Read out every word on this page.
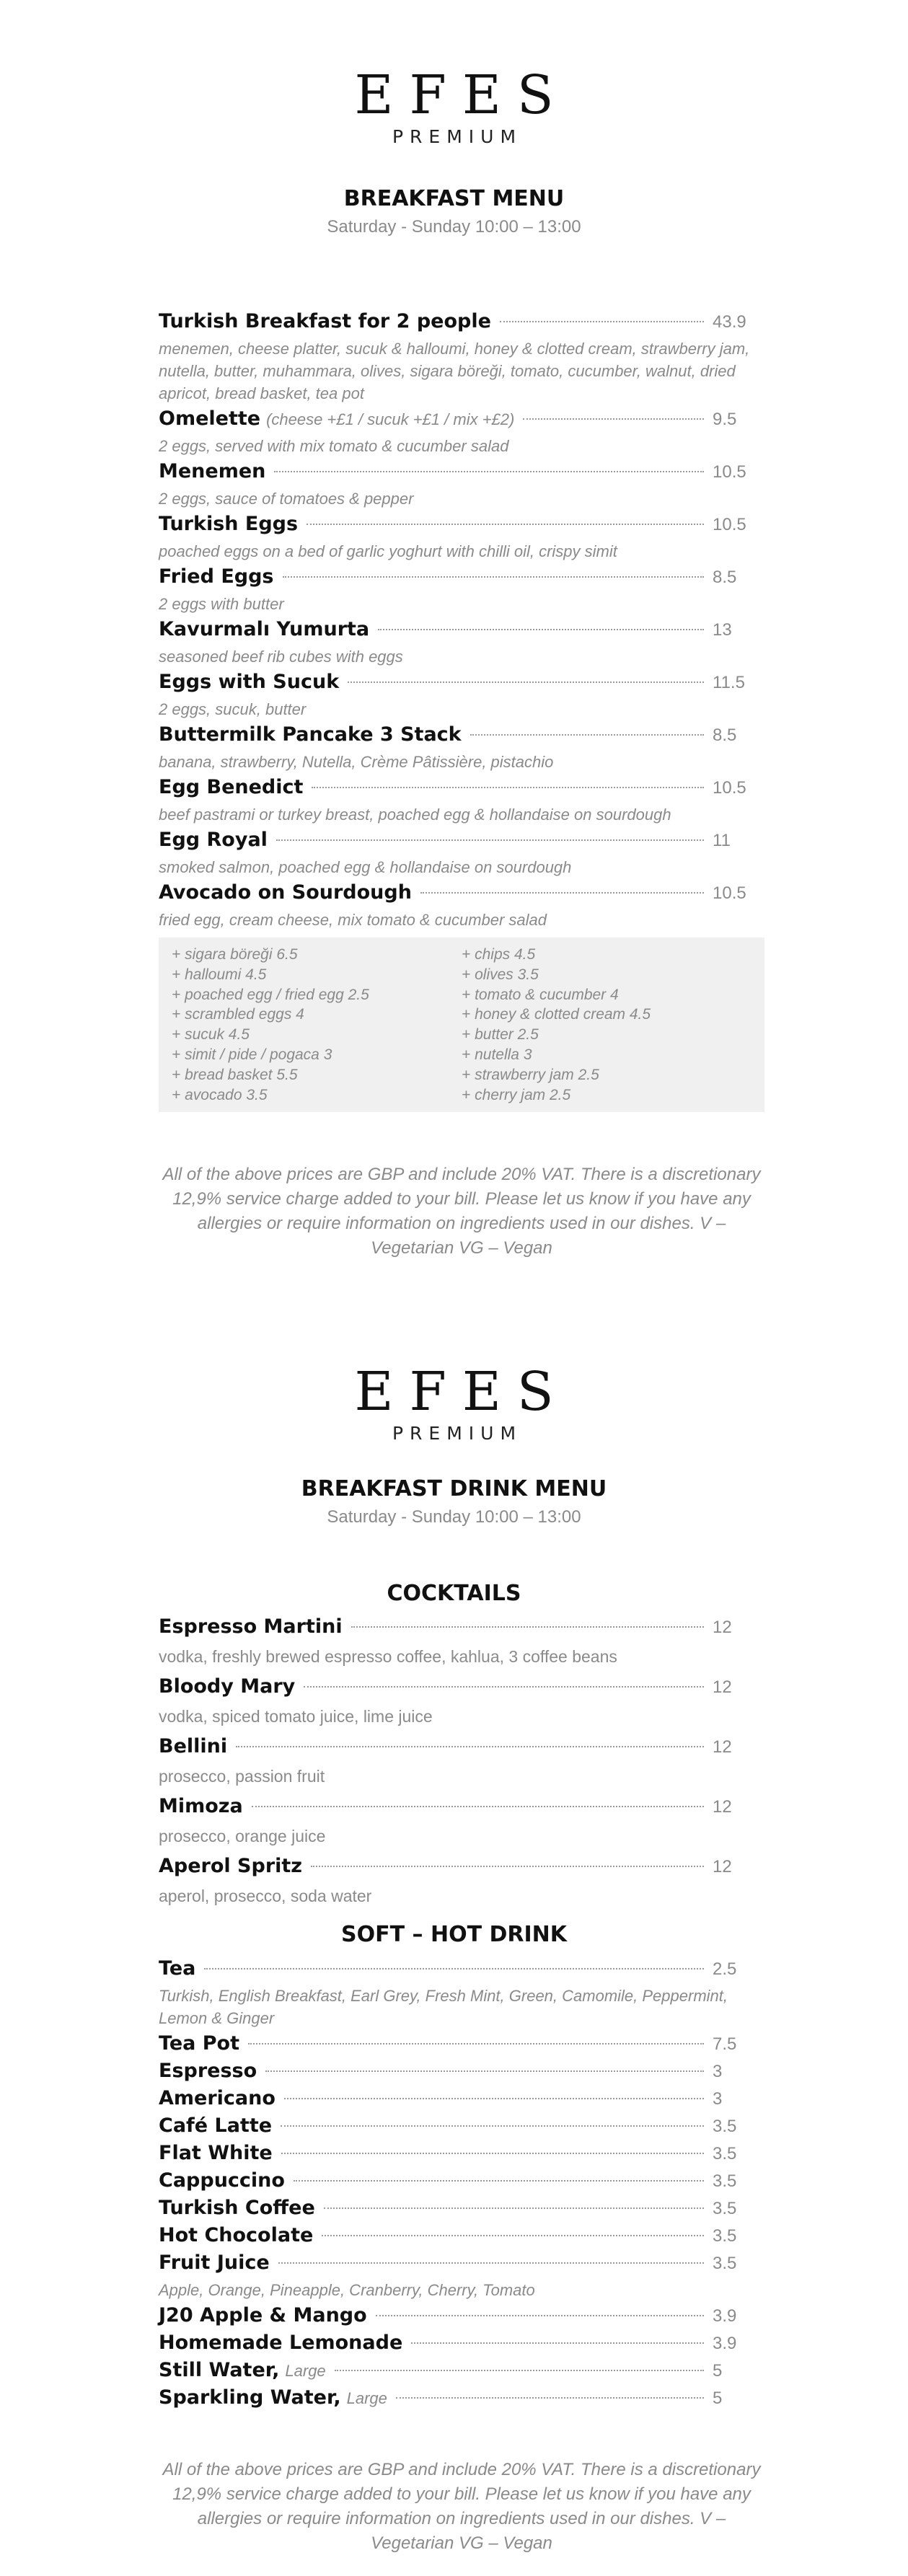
EFES
PREMIUM
BREAKFAST MENU
Saturday - Sunday 10:00 – 13:00
Turkish Breakfast for 2 people	43.9
menemen, cheese platter, sucuk & halloumi, honey & clotted cream, strawberry jam, nutella, butter, muhammara, olives, sigara böreği, tomato, cucumber, walnut, dried apricot, bread basket, tea pot
Omelette (cheese +£1 / sucuk +£1 / mix +£2)	9.5
2 eggs, served with mix tomato & cucumber salad
Menemen	10.5
2 eggs, sauce of tomatoes & pepper
Turkish Eggs	10.5
poached eggs on a bed of garlic yoghurt with chilli oil, crispy simit
Fried Eggs	8.5
2 eggs with butter
Kavurmalı Yumurta	13
seasoned beef rib cubes with eggs
Eggs with Sucuk	11.5
2 eggs, sucuk, butter
Buttermilk Pancake 3 Stack	8.5
banana, strawberry, Nutella, Crème Pâtissière, pistachio
Egg Benedict	10.5
beef pastrami or turkey breast, poached egg & hollandaise on sourdough
Egg Royal	11
smoked salmon, poached egg & hollandaise on sourdough
Avocado on Sourdough	10.5
fried egg, cream cheese, mix tomato & cucumber salad
+ sigara böreği 6.5
+ halloumi 4.5
+ poached egg / fried egg 2.5
+ scrambled eggs 4
+ sucuk 4.5
+ simit / pide / pogaca 3
+ bread basket 5.5
+ avocado 3.5
+ chips 4.5
+ olives 3.5
+ tomato & cucumber 4
+ honey & clotted cream 4.5
+ butter 2.5
+ nutella 3
+ strawberry jam 2.5
+ cherry jam 2.5
All of the above prices are GBP and include 20% VAT. There is a discretionary 12,9% service charge added to your bill. Please let us know if you have any allergies or require information on ingredients used in our dishes. V – Vegetarian VG – Vegan
EFES
PREMIUM
BREAKFAST DRINK MENU
Saturday - Sunday 10:00 – 13:00
COCKTAILS
Espresso Martini	12
vodka, freshly brewed espresso coffee, kahlua, 3 coffee beans
Bloody Mary	12
vodka, spiced tomato juice, lime juice
Bellini	12
prosecco, passion fruit
Mimoza	12
prosecco, orange juice
Aperol Spritz	12
aperol, prosecco, soda water
SOFT – HOT DRINK
Tea	2.5
Turkish, English Breakfast, Earl Grey, Fresh Mint, Green, Camomile, Peppermint, Lemon & Ginger
Tea Pot	7.5
Espresso	3
Americano	3
Café Latte	3.5
Flat White	3.5
Cappuccino	3.5
Turkish Coffee	3.5
Hot Chocolate	3.5
Fruit Juice	3.5
Apple, Orange, Pineapple, Cranberry, Cherry, Tomato
J20 Apple & Mango	3.9
Homemade Lemonade	3.9
Still Water, Large	5
Sparkling Water, Large	5
All of the above prices are GBP and include 20% VAT. There is a discretionary 12,9% service charge added to your bill. Please let us know if you have any allergies or require information on ingredients used in our dishes. V – Vegetarian VG – Vegan
